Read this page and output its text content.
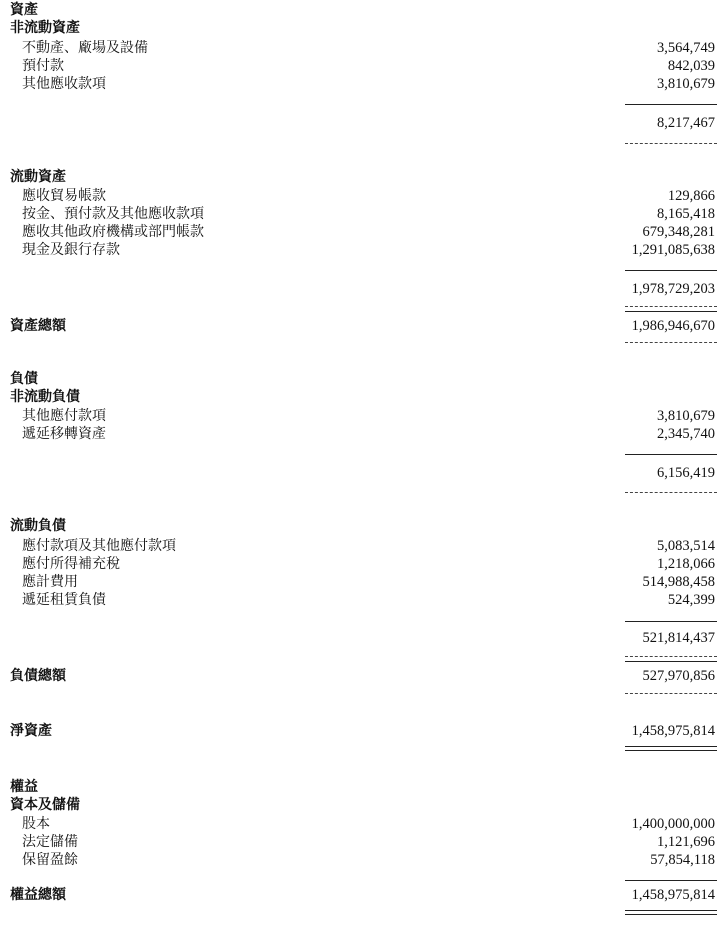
資產
非流動資產
不動產、廠場及設備	3,564,749
預付款	842,039
其他應收款項	3,810,679
8,217,467
流動資產
應收貿易帳款	129,866
按金、預付款及其他應收款項	8,165,418
應收其他政府機構或部門帳款	679,348,281
現金及銀行存款	1,291,085,638
1,978,729,203
資產總額	1,986,946,670
負債
非流動負債
其他應付款項	3,810,679
遞延移轉資產	2,345,740
6,156,419
流動負債
應付款項及其他應付款項	5,083,514
應付所得補充稅	1,218,066
應計費用	514,988,458
遞延租賃負債	524,399
521,814,437
負債總額	527,970,856
淨資產	1,458,975,814
權益
資本及儲備
股本	1,400,000,000
法定儲備	1,121,696
保留盈餘	57,854,118
權益總額	1,458,975,814
